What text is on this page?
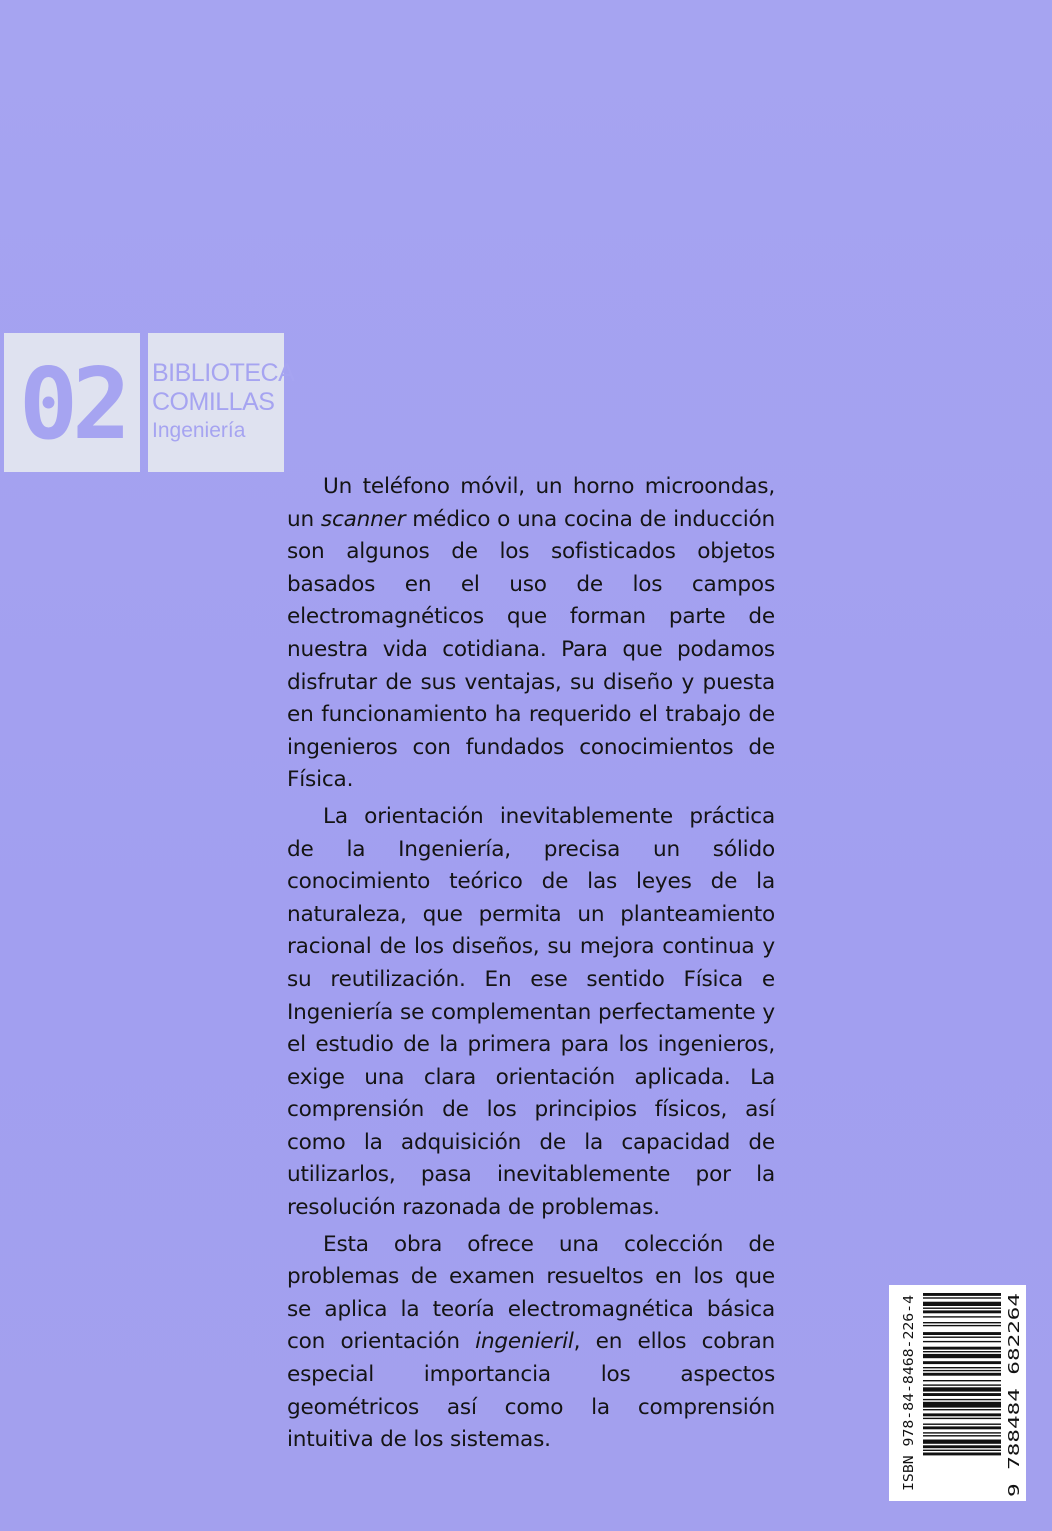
02 BIBLIOTECA
COMILLAS
Ingeniería

Un teléfono móvil, un horno microondas, un scanner médico o una cocina de inducción son algunos de los sofisticados objetos basados en el uso de los campos electromagnéticos que forman parte de nuestra vida cotidiana. Para que podamos disfrutar de sus ventajas, su diseño y puesta en funcionamiento ha requerido el trabajo de ingenieros con fundados conocimientos de Física.

La orientación inevitablemente práctica de la Ingeniería, precisa un sólido conocimiento teórico de las leyes de la naturaleza, que permita un planteamiento racional de los diseños, su mejora continua y su reutilización. En ese sentido Física e Ingeniería se complementan perfectamente y el estudio de la primera para los ingenieros, exige una clara orientación aplicada. La comprensión de los principios físicos, así como la adquisición de la capacidad de utilizarlos, pasa inevitablemente por la resolución razonada de problemas.

Esta obra ofrece una colección de problemas de examen resueltos en los que se aplica la teoría electromagnética básica con orientación ingenieril, en ellos cobran especial importancia los aspectos geométricos así como la comprensión intuitiva de los sistemas.	ISBN 978-84-8468-226-4	9 788484 682264
